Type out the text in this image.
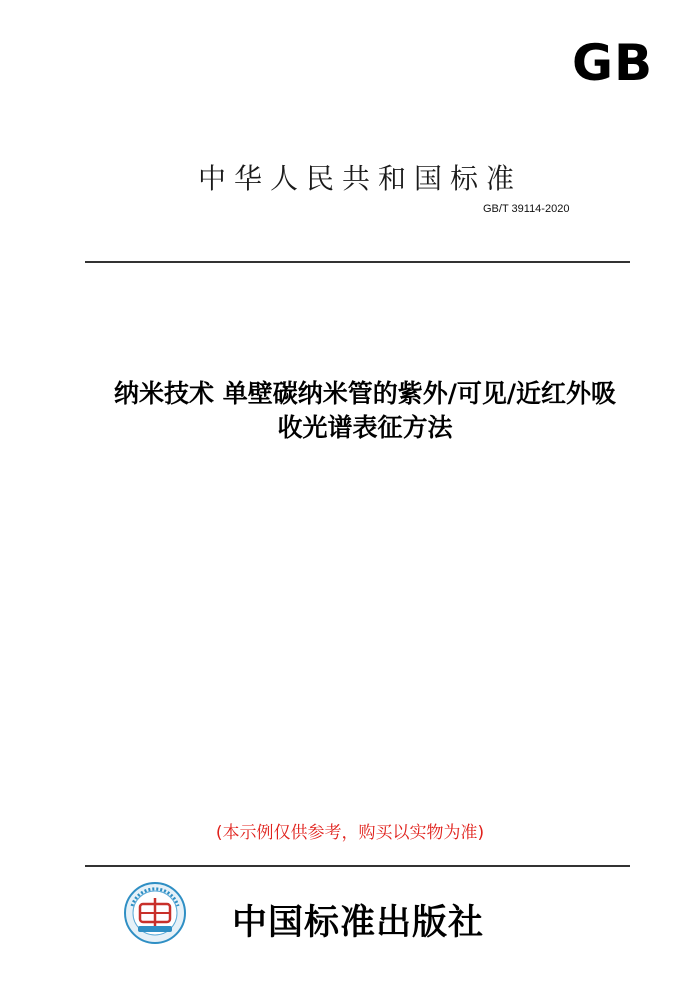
GB
中华人民共和国标准
GB/T 39114-2020
纳米技术 单壁碳纳米管的紫外/可见/近红外吸
收光谱表征方法
(本示例仅供参考，购买以实物为准)
中国标准出版社
